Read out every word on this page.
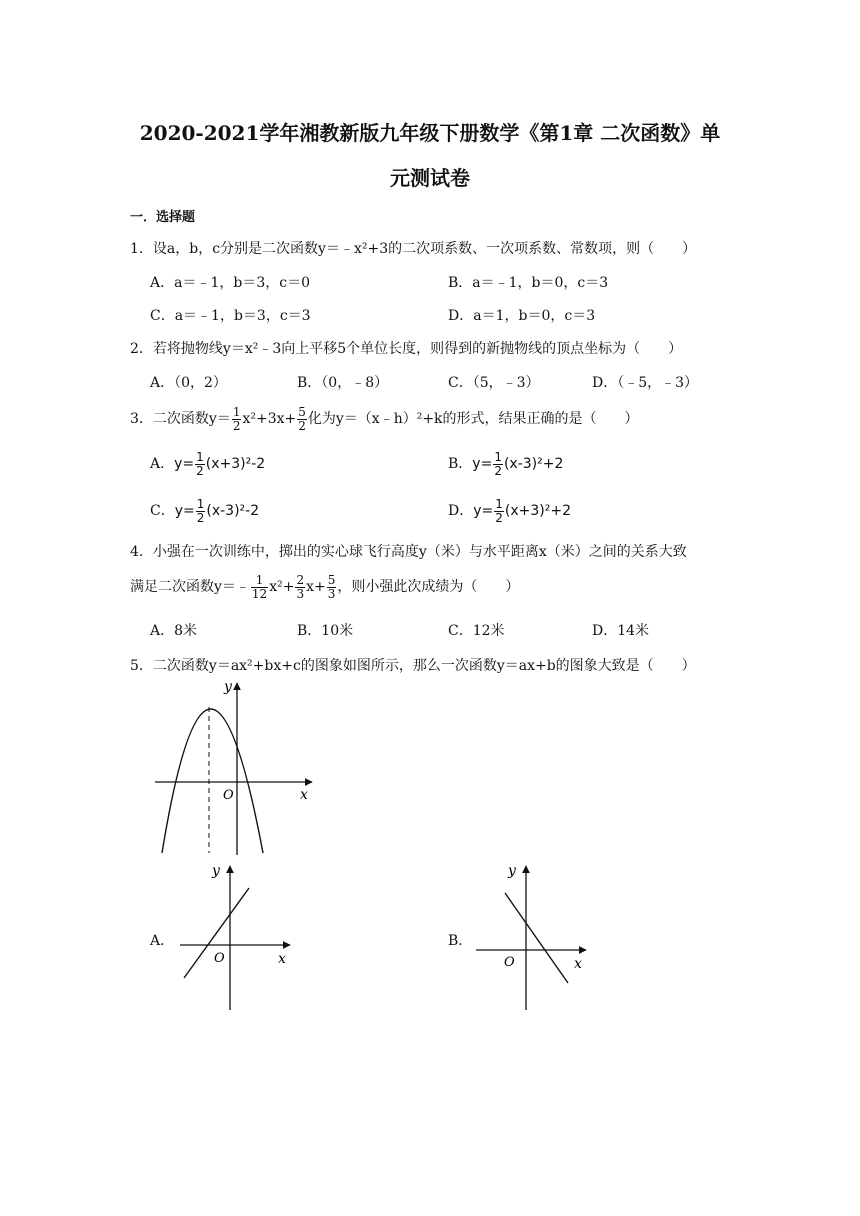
2020-2021学年湘教新版九年级下册数学《第1章 二次函数》单
元测试卷
一．选择题
1．设a，b，c分别是二次函数y＝﹣x²+3的二次项系数、一次项系数、常数项，则（　　）
A．a＝﹣1，b＝3，c＝0	B．a＝﹣1，b＝0，c＝3
C．a＝﹣1，b＝3，c＝3	D．a＝1，b＝0，c＝3
2．若将抛物线y＝x²﹣3向上平移5个单位长度，则得到的新抛物线的顶点坐标为（　　）
A．（0，2）	B．（0，﹣8）	C．（5，﹣3）	D．（﹣5，﹣3）
3．二次函数$y= \frac{1}{2} x^2+3x+ \frac{5}{2}$ 化为y＝（x﹣h）²+k的形式，结果正确的是（　　）
A．$y= \frac{1}{2} (x+3)^2-2$	B．$y= \frac{1}{2} (x-3)^2+2$
C．$y= \frac{1}{2} (x-3)^2-2$	D．$y= \frac{1}{2} (x+3)^2+2$
4．小强在一次训练中，掷出的实心球飞行高度y（米）与水平距离x（米）之间的关系大致
满足二次函数y＝﹣ $\frac{1}{12} x^2+ \frac{2}{3} x+ \frac{5}{3}$ ，则小强此次成绩为（　　）
A．8米	B．10米	C．12米	D．14米
5．二次函数y＝ax²+bx+c的图象如图所示，那么一次函数y＝ax+b的图象大致是（　　）
y
x
O
A．
y
x
O
B．
y
x
O
